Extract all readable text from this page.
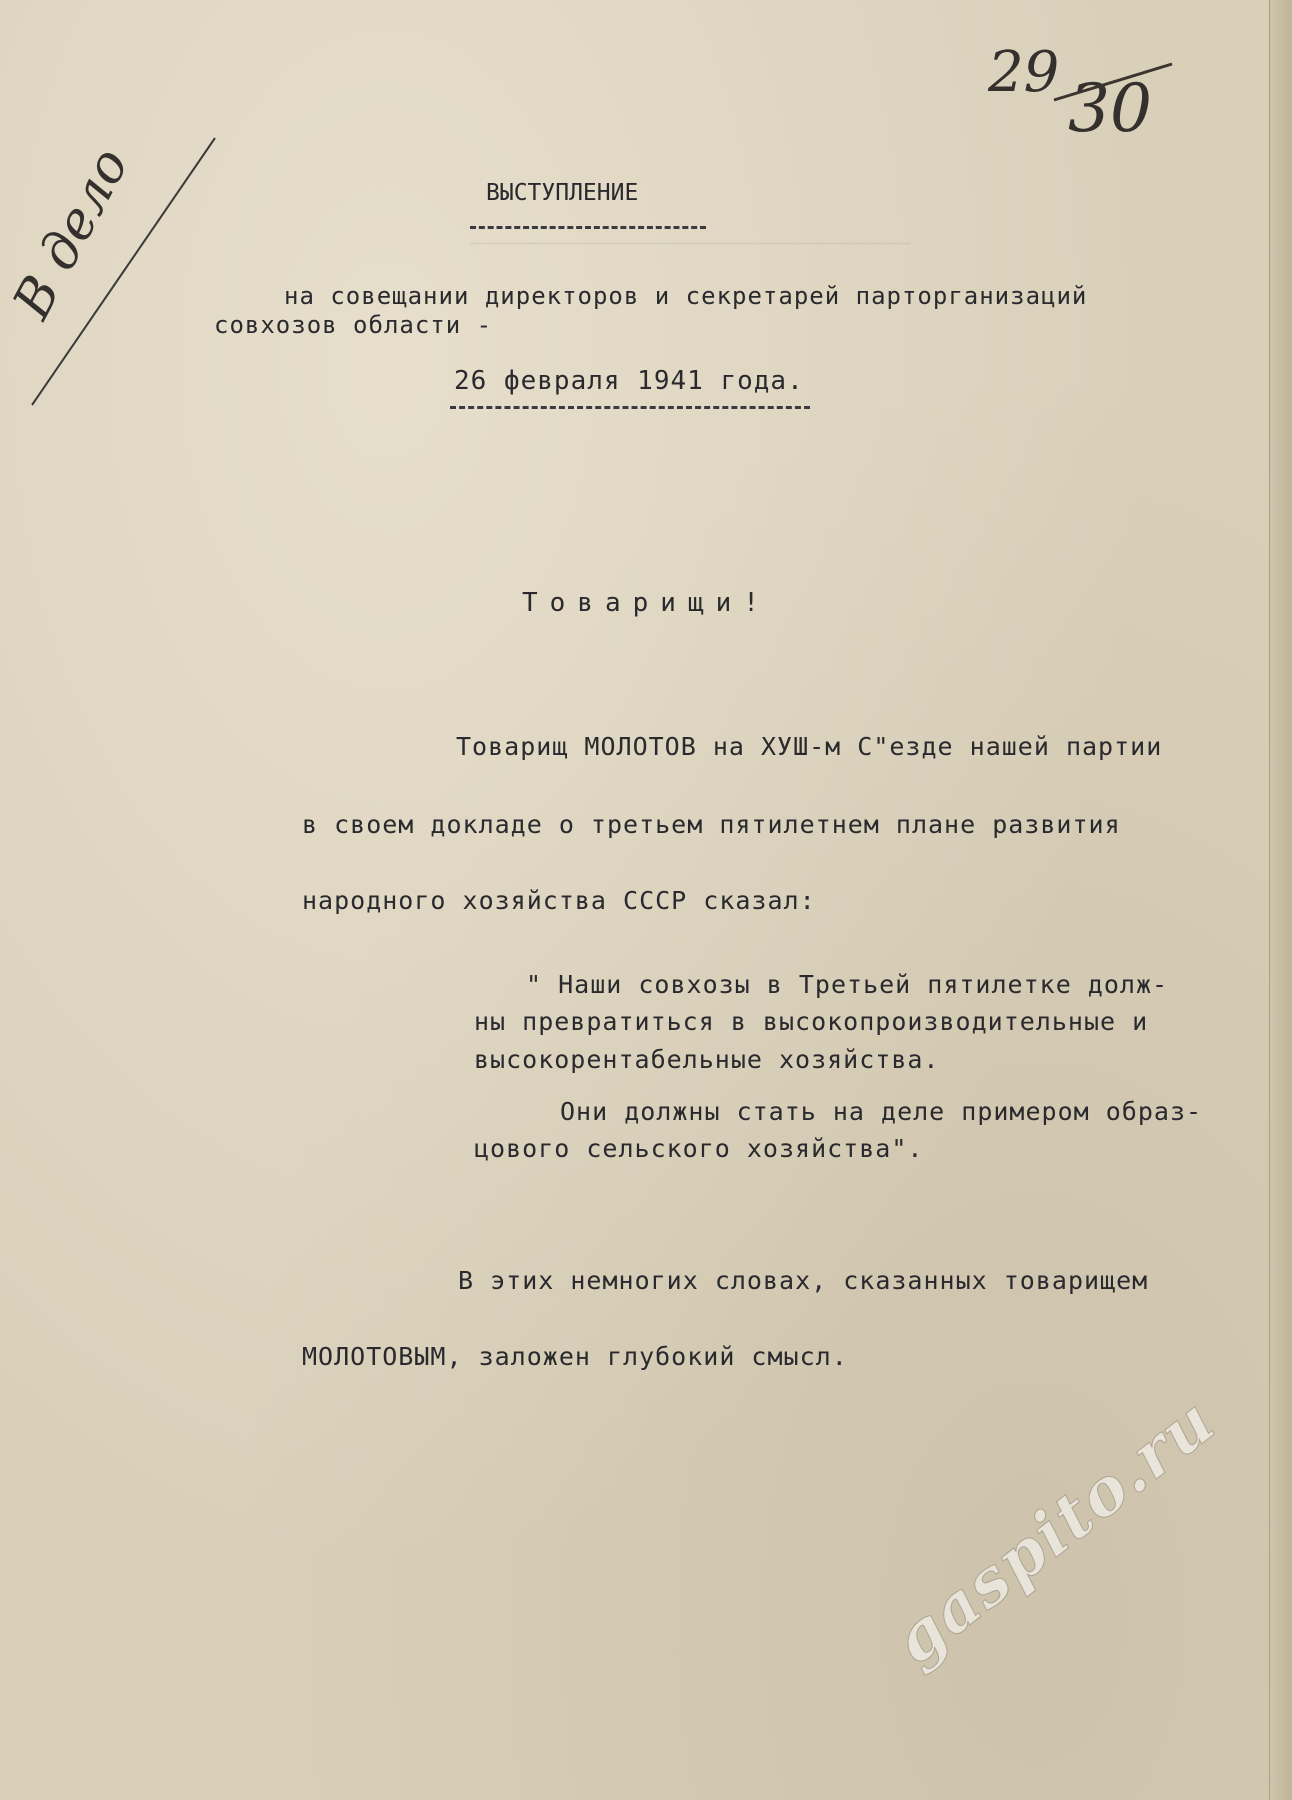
───────────────────────────────
В дело
29 30
ВЫСТУПЛЕНИЕ
на совещании директоров и секретарей парторганизаций
совхозов области -
26 февраля 1941 года.
Товарищи!
Товарищ МОЛОТОВ на ХУШ-м С"езде нашей партии
в своем докладе о третьем пятилетнем плане развития
народного хозяйства СССР сказал:
" Наши совхозы в Третьей пятилетке долж-
ны превратиться в высокопроизводительные и
высокорентабельные хозяйства.
Они должны стать на деле примером образ-
цового сельского хозяйства".
В этих немногих словах, сказанных товарищем
МОЛОТОВЫМ, заложен глубокий смысл.
gaspito.ru
